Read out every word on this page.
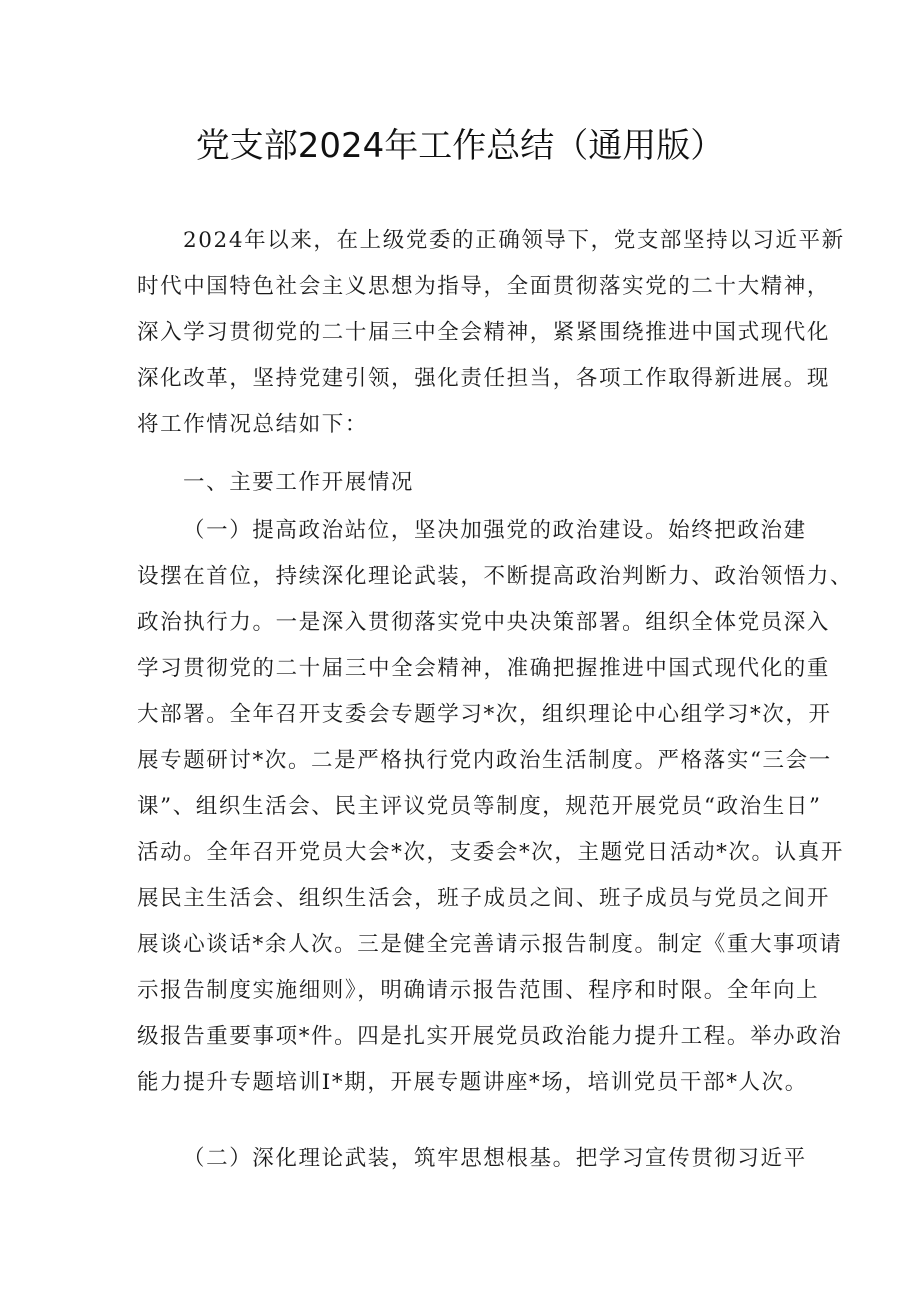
党支部2024年工作总结（通用版）
2024年以来，在上级党委的正确领导下，党支部坚持以习近平新
时代中国特色社会主义思想为指导，全面贯彻落实党的二十大精神，
深入学习贯彻党的二十届三中全会精神，紧紧围绕推进中国式现代化
深化改革，坚持党建引领，强化责任担当，各项工作取得新进展。现
将工作情况总结如下：
一、主要工作开展情况
（一）提高政治站位，坚决加强党的政治建设。始终把政治建
设摆在首位，持续深化理论武装，不断提高政治判断力、政治领悟力、
政治执行力。一是深入贯彻落实党中央决策部署。组织全体党员深入
学习贯彻党的二十届三中全会精神，准确把握推进中国式现代化的重
大部署。全年召开支委会专题学习*次，组织理论中心组学习*次，开
展专题研讨*次。二是严格执行党内政治生活制度。严格落实“三会一
课”、组织生活会、民主评议党员等制度，规范开展党员“政治生日”
活动。全年召开党员大会*次，支委会*次，主题党日活动*次。认真开
展民主生活会、组织生活会，班子成员之间、班子成员与党员之间开
展谈心谈话*余人次。三是健全完善请示报告制度。制定《重大事项请
示报告制度实施细则》，明确请示报告范围、程序和时限。全年向上
级报告重要事项*件。四是扎实开展党员政治能力提升工程。举办政治
能力提升专题培训I*期，开展专题讲座*场，培训党员干部*人次。
（二）深化理论武装，筑牢思想根基。把学习宣传贯彻习近平
